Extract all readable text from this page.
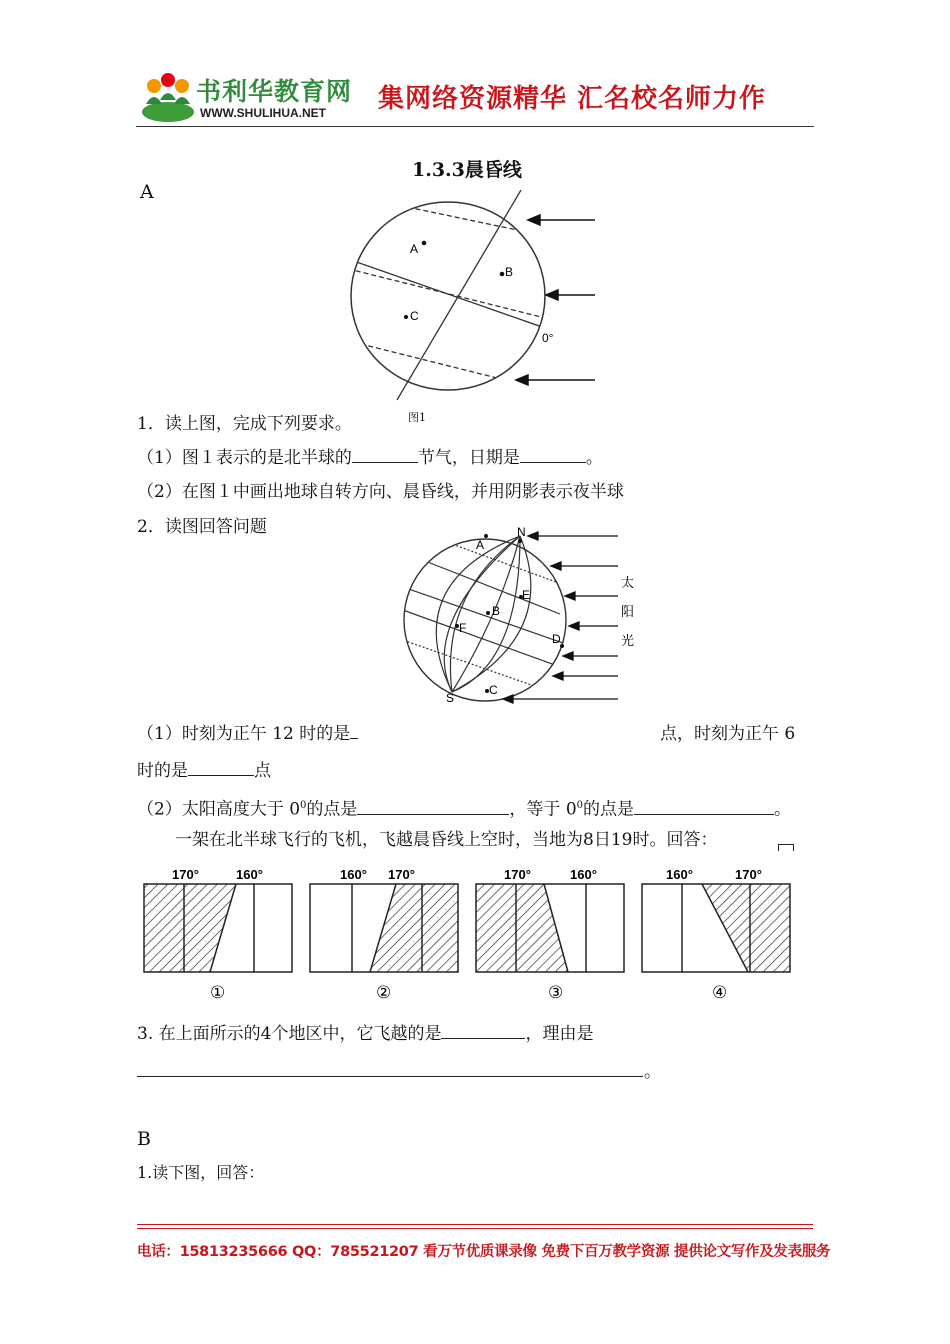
书利华教育网
WWW.SHULIHUA.NET 集网络资源精华 汇名校名师力作
1.3.3晨昏线
A
A
B
C
0°
图1
1．读上图，完成下列要求。
（1）图１表示的是北半球的	节气，日期是	。
（2）在图１中画出地球自转方向、晨昏线，并用阴影表示夜半球
2．读图回答问题	N
A
E
B
F
D
C
S
太
阳
光
（1）时刻为正午 12 时的是	点，时刻为正午 6
时的是	点
（2）太阳高度大于 $0^0$的点是	，等于 $0^0$的点是	。
一架在北半球飞行的飞机，飞越晨昏线上空时，当地为8日19时。回答：
170°	160°
①
160° 170°
②
170°	160°
③
160°	170°
④
3. 在上面所示的4个地区中，它飞越的是	，理由是
。
B
1.读下图，回答：
电话：15813235666 QQ：785521207 看万节优质课录像 免费下百万教学资源 提供论文写作及发表服务
